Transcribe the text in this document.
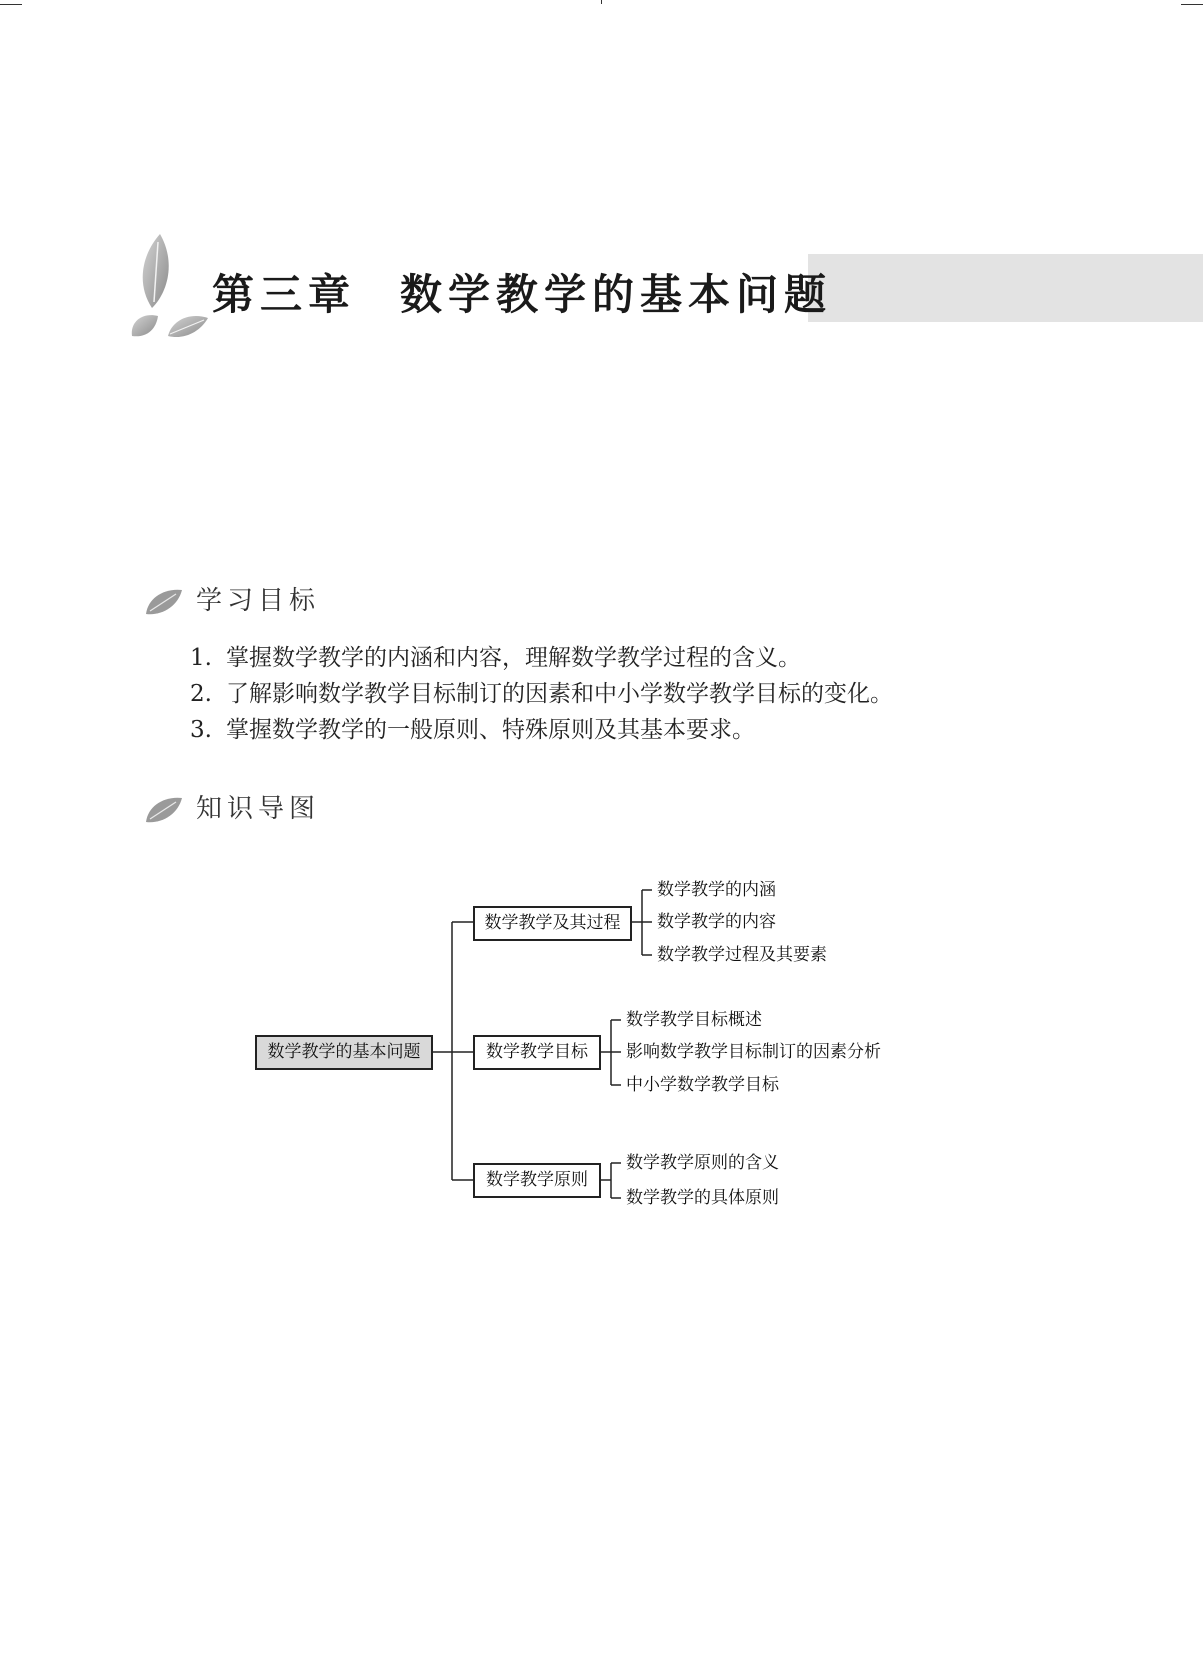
第三章 数学教学的基本问题
学习目标
1. 掌握数学教学的内涵和内容，理解数学教学过程的含义。
2. 了解影响数学教学目标制订的因素和中小学数学教学目标的变化。
3. 掌握数学教学的一般原则、特殊原则及其基本要求。
知识导图
数学教学的基本问题
数学教学及其过程
数学教学目标
数学教学原则
数学教学的内涵
数学教学的内容
数学教学过程及其要素
数学教学目标概述
影响数学教学目标制订的因素分析
中小学数学教学目标
数学教学原则的含义
数学教学的具体原则
